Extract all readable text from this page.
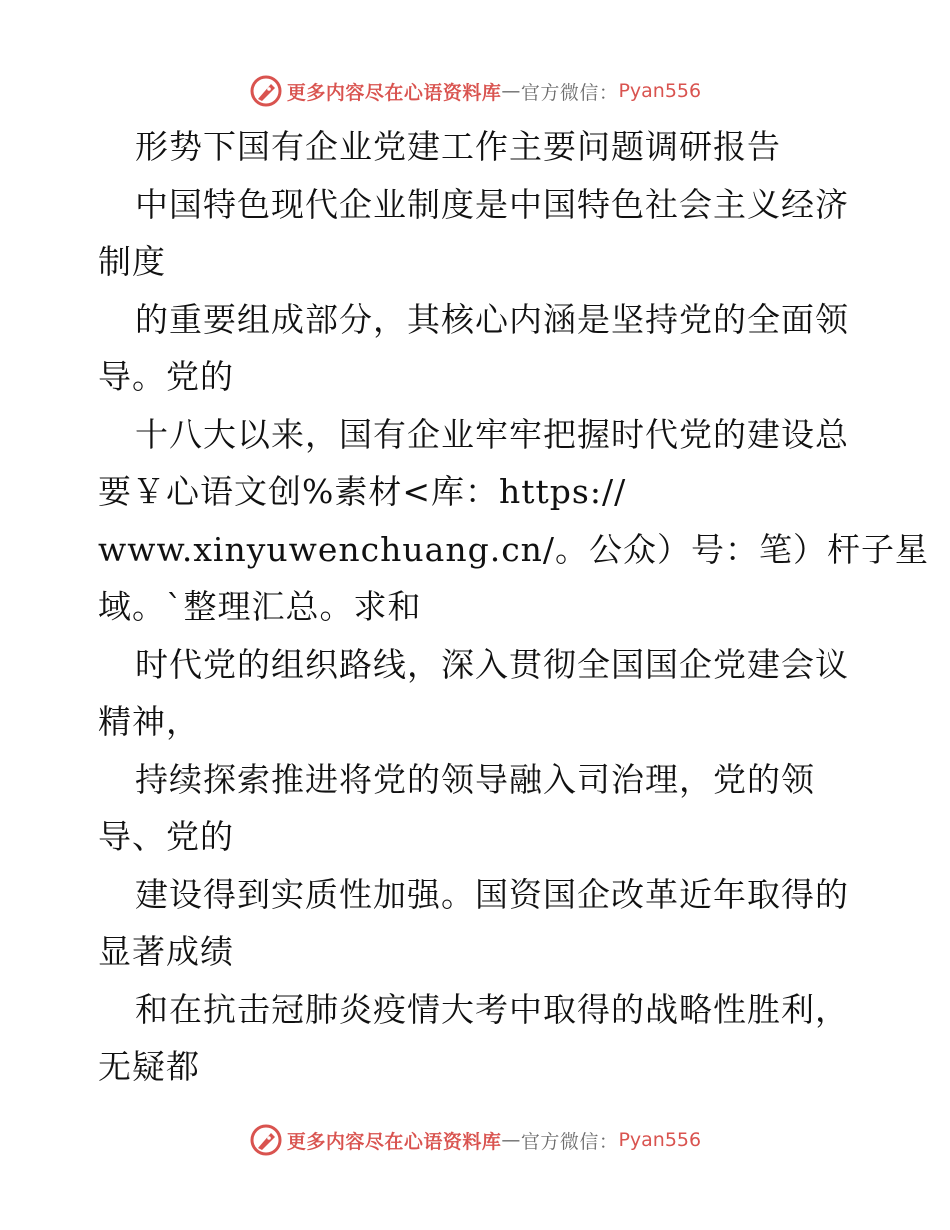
更多内容尽在心语资料库 — 官方微信： Pyan556
形势下国有企业党建工作主要问题调研报告
中国特色现代企业制度是中国特色社会主义经济
制度
的重要组成部分，其核心内涵是坚持党的全面领
导。党的
十八大以来，国有企业牢牢把握时代党的建设总
要￥心语文创%素材<库：https://
www.xinyuwenchuang.cn/。公众）号：笔）杆子星
域。`整理汇总。求和
时代党的组织路线，深入贯彻全国国企党建会议
精神，
持续探索推进将党的领导融入司治理，党的领
导、党的
建设得到实质性加强。国资国企改革近年取得的
显著成绩
和在抗击冠肺炎疫情大考中取得的战略性胜利，
无疑都
更多内容尽在心语资料库 — 官方微信： Pyan556
